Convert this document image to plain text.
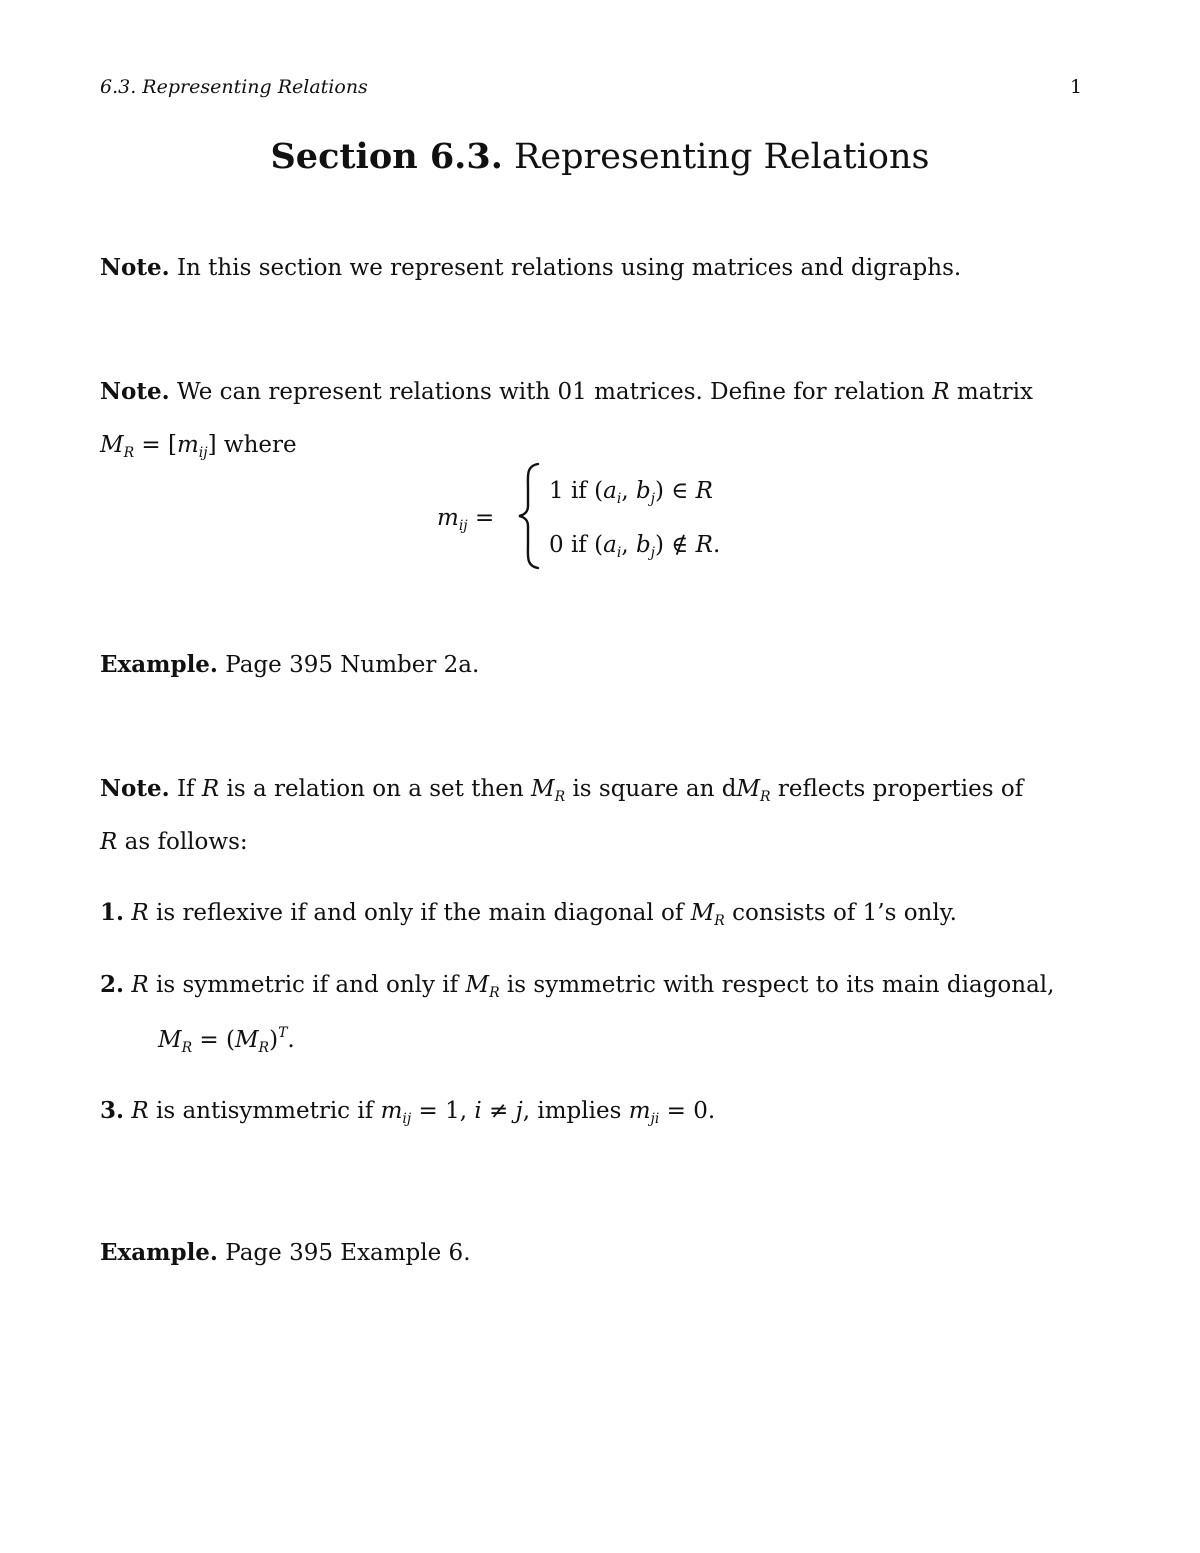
6.3. Representing Relations	1
Section 6.3. Representing Relations
Note. In this section we represent relations using matrices and digraphs.
Note. We can represent relations with 01 matrices. Define for relation R matrix
$M_R = [m_{ij}]$ where
$m_{ij}$ =
1 if ($a_i$, $b_j$) ∈ R
0 if ($a_i$, $b_j$) ∉ R.
Example. Page 395 Number 2a.
Note. If R is a relation on a set then $M_R$ is square an $dM_R$ reflects properties of
R as follows:
1. R is reflexive if and only if the main diagonal of $M_R$ consists of 1’s only.
2. R is symmetric if and only if $M_R$ is symmetric with respect to its main diagonal,
$M_R = (M_R)^T$.
3. R is antisymmetric if $m_{ij} = 1$, i ≠ j, implies $m_{ji} = 0$.
Example. Page 395 Example 6.
